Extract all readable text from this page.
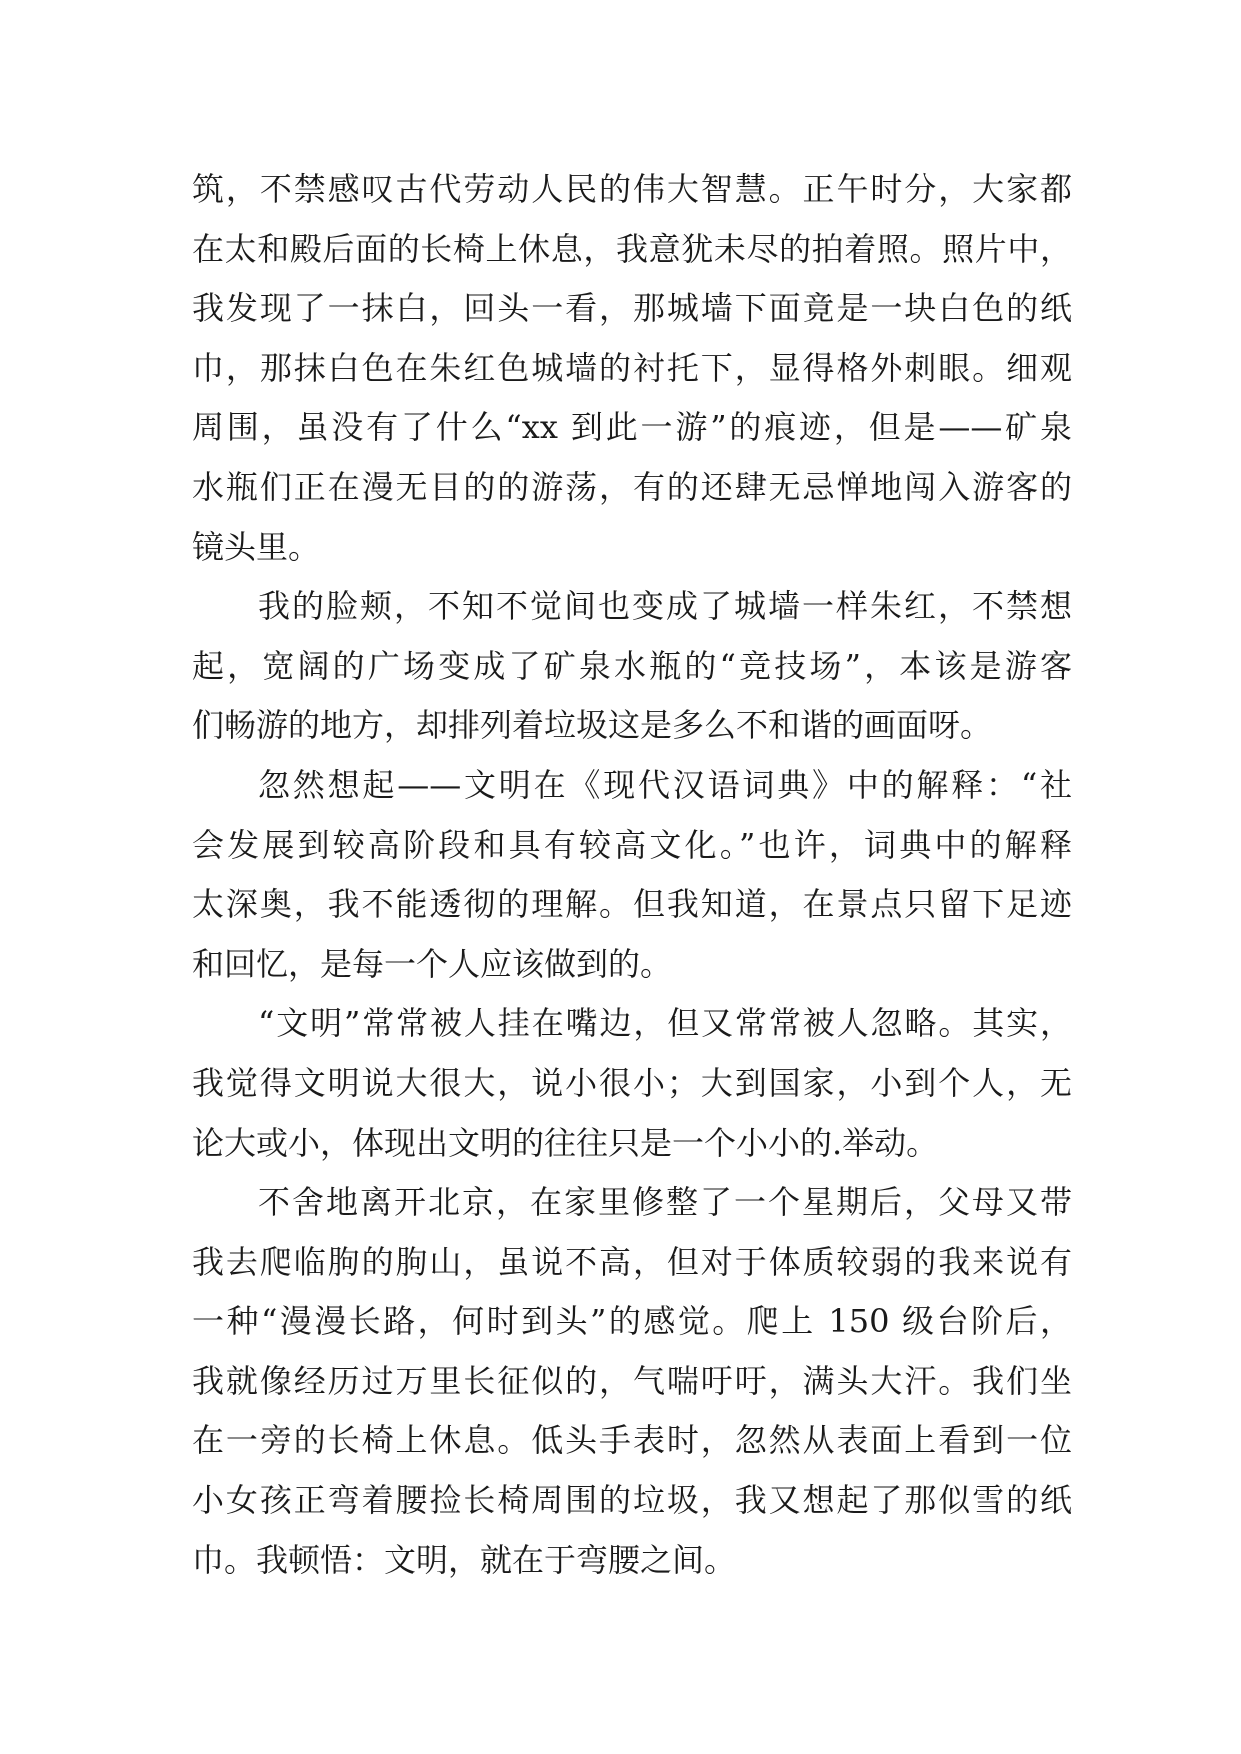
筑，不禁感叹古代劳动人民的伟大智慧。正午时分，大家都
在太和殿后面的长椅上休息，我意犹未尽的拍着照。照片中，
我发现了一抹白，回头一看，那城墙下面竟是一块白色的纸
巾，那抹白色在朱红色城墙的衬托下，显得格外刺眼。细观
周围，虽没有了什么“xx 到此一游”的痕迹，但是——矿泉
水瓶们正在漫无目的的游荡，有的还肆无忌惮地闯入游客的
镜头里。
我的脸颊，不知不觉间也变成了城墙一样朱红，不禁想
起，宽阔的广场变成了矿泉水瓶的“竞技场”，本该是游客
们畅游的地方，却排列着垃圾这是多么不和谐的画面呀。
忽然想起——文明在《现代汉语词典》中的解释：“社
会发展到较高阶段和具有较高文化。”也许，词典中的解释
太深奥，我不能透彻的理解。但我知道，在景点只留下足迹
和回忆，是每一个人应该做到的。
“文明”常常被人挂在嘴边，但又常常被人忽略。其实，
我觉得文明说大很大，说小很小；大到国家，小到个人，无
论大或小，体现出文明的往往只是一个小小的.举动。
不舍地离开北京，在家里修整了一个星期后，父母又带
我去爬临朐的朐山，虽说不高，但对于体质较弱的我来说有
一种“漫漫长路，何时到头”的感觉。爬上 150 级台阶后，
我就像经历过万里长征似的，气喘吁吁，满头大汗。我们坐
在一旁的长椅上休息。低头手表时，忽然从表面上看到一位
小女孩正弯着腰捡长椅周围的垃圾，我又想起了那似雪的纸
巾。我顿悟：文明，就在于弯腰之间。
